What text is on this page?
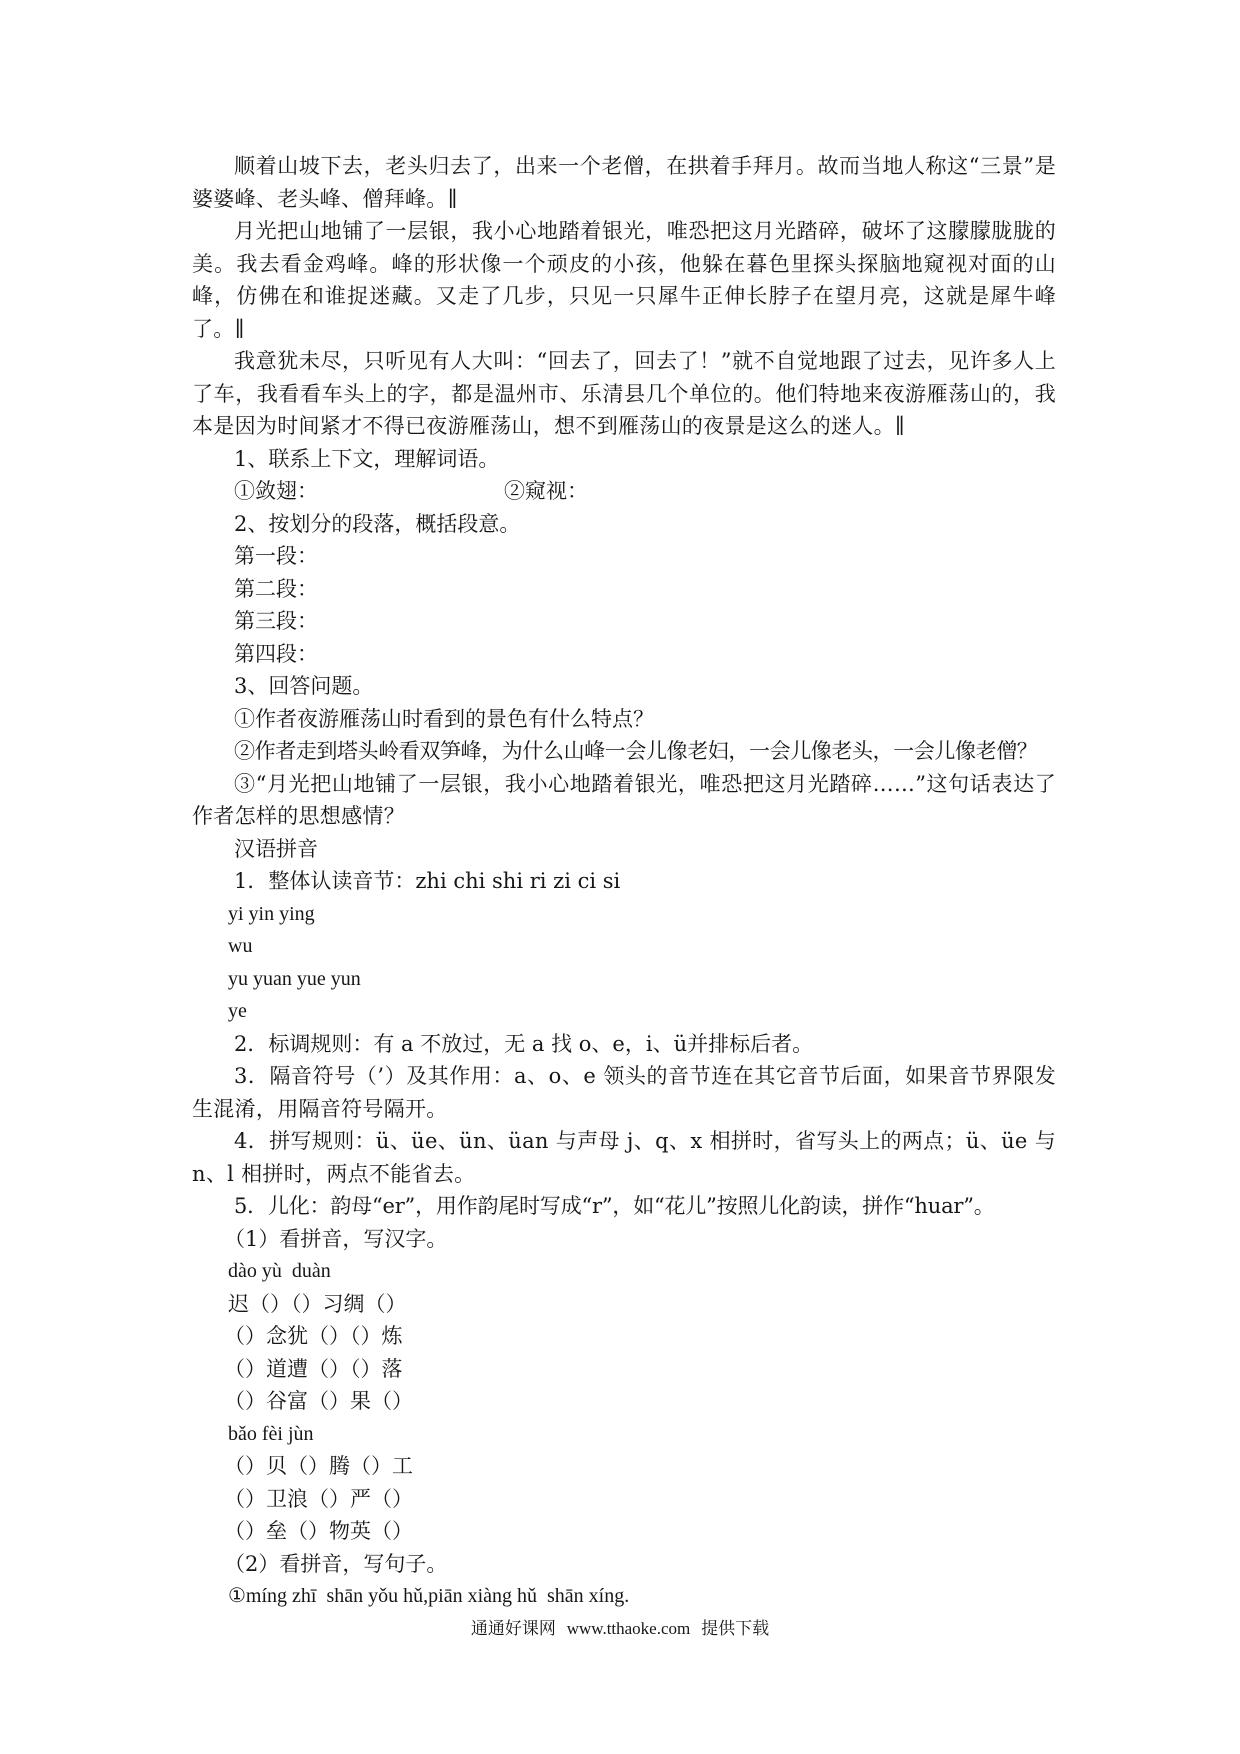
顺着山坡下去，老头归去了，出来一个老僧，在拱着手拜月。故而当地人称这“三景”是婆婆峰、老头峰、僧拜峰。∥

月光把山地铺了一层银，我小心地踏着银光，唯恐把这月光踏碎，破坏了这朦朦胧胧的美。我去看金鸡峰。峰的形状像一个顽皮的小孩，他躲在暮色里探头探脑地窥视对面的山峰，仿佛在和谁捉迷藏。又走了几步，只见一只犀牛正伸长脖子在望月亮，这就是犀牛峰了。∥

我意犹未尽，只听见有人大叫：“回去了，回去了！”就不自觉地跟了过去，见许多人上了车，我看看车头上的字，都是温州市、乐清县几个单位的。他们特地来夜游雁荡山的，我本是因为时间紧才不得已夜游雁荡山，想不到雁荡山的夜景是这么的迷人。∥

1、联系上下文，理解词语。

①敛翅：	②窥视：

2、按划分的段落，概括段意。

第一段：

第二段：

第三段：

第四段：

3、回答问题。

①作者夜游雁荡山时看到的景色有什么特点？

②作者走到塔头岭看双笋峰，为什么山峰一会儿像老妇，一会儿像老头，一会儿像老僧？

③“月光把山地铺了一层银，我小心地踏着银光，唯恐把这月光踏碎……”这句话表达了作者怎样的思想感情？

汉语拼音

1．整体认读音节：zhi chi shi ri zi ci si

yi yin ying

wu

yu yuan yue yun

ye

2．标调规则：有 a 不放过，无 a 找 o、e，i、ü并排标后者。

3．隔音符号（’）及其作用：a、o、e 领头的音节连在其它音节后面，如果音节界限发生混淆，用隔音符号隔开。

4．拼写规则：ü、üe、ün、üan 与声母 j、q、x 相拼时，省写头上的两点；ü、üe 与 n、l 相拼时，两点不能省去。

5．儿化：韵母“er”，用作韵尾时写成“r”，如“花儿”按照儿化韵读，拼作“huar”。

（1）看拼音，写汉字。

dào yù  duàn

迟（）（）习绸（）

（）念犹（）（）炼

（）道遭（）（）落

（）谷富（）果（）

bǎo fèi jùn

（）贝（）腾（）工

（）卫浪（）严（）

（）垒（）物英（）

（2）看拼音，写句子。

①míng zhī  shān yǒu hǔ,piān xiàng hǔ  shān xíng.

通通好课网 www.tthaoke.com 提供下载
